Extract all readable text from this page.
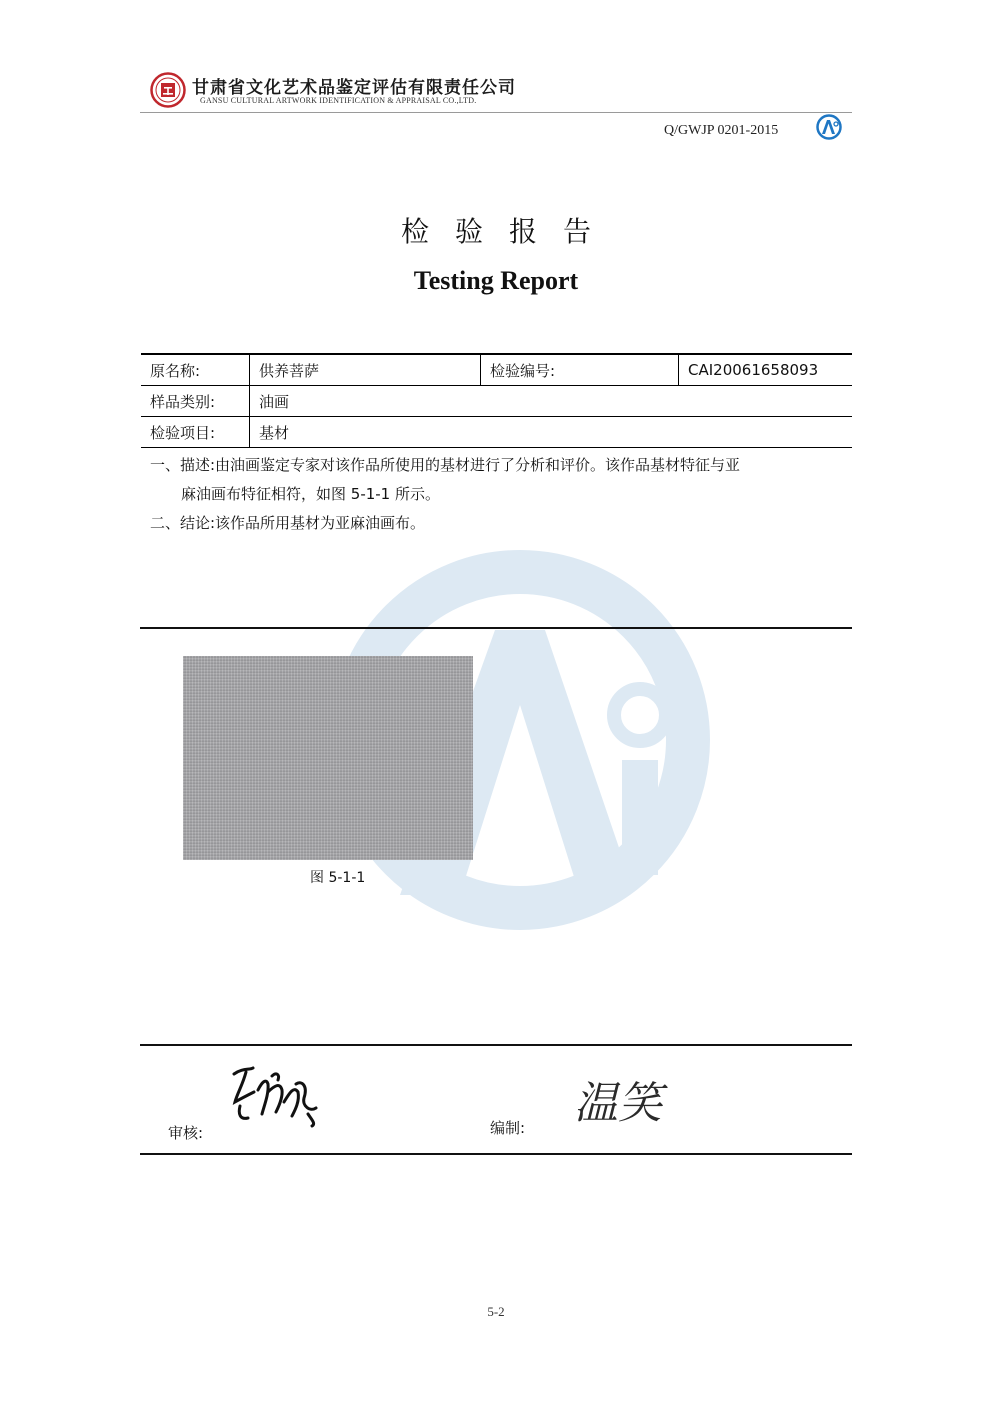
甘肃省文化艺术品鉴定评估有限责任公司
GANSU CULTURAL ARTWORK IDENTIFICATION & APPRAISAL CO.,LTD.
Q/GWJP 0201-2015
检验报告
Testing Report
原名称:	供养菩萨	检验编号:	CAI20061658093
样品类别:	油画		
检验项目:	基材		
一、描述:由油画鉴定专家对该作品所使用的基材进行了分析和评价。该作品基材特征与亚
麻油画布特征相符，如图 5-1-1 所示。
二、结论:该作品所用基材为亚麻油画布。
图 5-1-1
审核:	编制: 温笑
5-2
